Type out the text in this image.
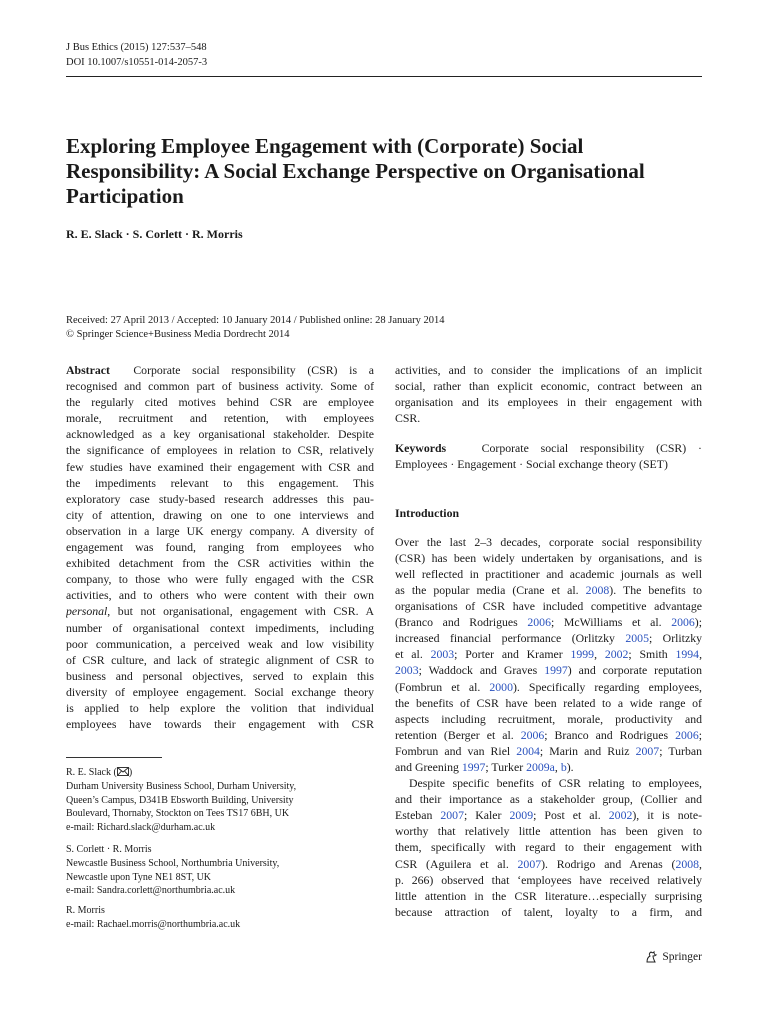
J Bus Ethics (2015) 127:537–548
DOI 10.1007/s10551-014-2057-3
Exploring Employee Engagement with (Corporate) Social Responsibility: A Social Exchange Perspective on Organisational Participation
R. E. Slack · S. Corlett · R. Morris
Received: 27 April 2013 / Accepted: 10 January 2014 / Published online: 28 January 2014
© Springer Science+Business Media Dordrecht 2014
Abstract Corporate social responsibility (CSR) is a
recognised and common part of business activity. Some of
the regularly cited motives behind CSR are employee
morale, recruitment and retention, with employees
acknowledged as a key organisational stakeholder. Despite
the significance of employees in relation to CSR, relatively
few studies have examined their engagement with CSR and
the impediments relevant to this engagement. This
exploratory case study-based research addresses this pau-
city of attention, drawing on one to one interviews and
observation in a large UK energy company. A diversity of
engagement was found, ranging from employees who
exhibited detachment from the CSR activities within the
company, to those who were fully engaged with the CSR
activities, and to others who were content with their own
personal, but not organisational, engagement with CSR. A
number of organisational context impediments, including
poor communication, a perceived weak and low visibility
of CSR culture, and lack of strategic alignment of CSR to
business and personal objectives, served to explain this
diversity of employee engagement. Social exchange theory
is applied to help explore the volition that individual
employees have towards their engagement with CSR
R. E. Slack ( )
Durham University Business School, Durham University,
Queen’s Campus, D341B Ebsworth Building, University
Boulevard, Thornaby, Stockton on Tees TS17 6BH, UK
e-mail: Richard.slack@durham.ac.uk
S. Corlett · R. Morris
Newcastle Business School, Northumbria University,
Newcastle upon Tyne NE1 8ST, UK
e-mail: Sandra.corlett@northumbria.ac.uk
R. Morris
e-mail: Rachael.morris@northumbria.ac.uk
activities, and to consider the implications of an implicit
social, rather than explicit economic, contract between an
organisation and its employees in their engagement with
CSR.
Keywords	Corporate social responsibility (CSR) ·
Employees · Engagement · Social exchange theory (SET)
Introduction
Over the last 2–3 decades, corporate social responsibility
(CSR) has been widely undertaken by organisations, and is
well reflected in practitioner and academic journals as well
as the popular media (Crane et al. 2008). The benefits to
organisations of CSR have included competitive advantage
(Branco and Rodrigues 2006; McWilliams et al. 2006);
increased financial performance (Orlitzky 2005; Orlitzky
et al. 2003; Porter and Kramer 1999, 2002; Smith 1994,
2003; Waddock and Graves 1997) and corporate reputation
(Fombrun et al. 2000). Specifically regarding employees,
the benefits of CSR have been related to a wide range of
aspects including recruitment, morale, productivity and
retention (Berger et al. 2006; Branco and Rodrigues 2006;
Fombrun and van Riel 2004; Marin and Ruiz 2007; Turban
and Greening 1997; Turker 2009a, b).
Despite specific benefits of CSR relating to employees,
and their importance as a stakeholder group, (Collier and
Esteban 2007; Kaler 2009; Post et al. 2002), it is note-
worthy that relatively little attention has been given to
them, specifically with regard to their engagement with
CSR (Aguilera et al. 2007). Rodrigo and Arenas (2008,
p. 266) observed that ‘employees have received relatively
little attention in the CSR literature…especially surprising
because attraction of talent, loyalty to a firm, and
Springer
